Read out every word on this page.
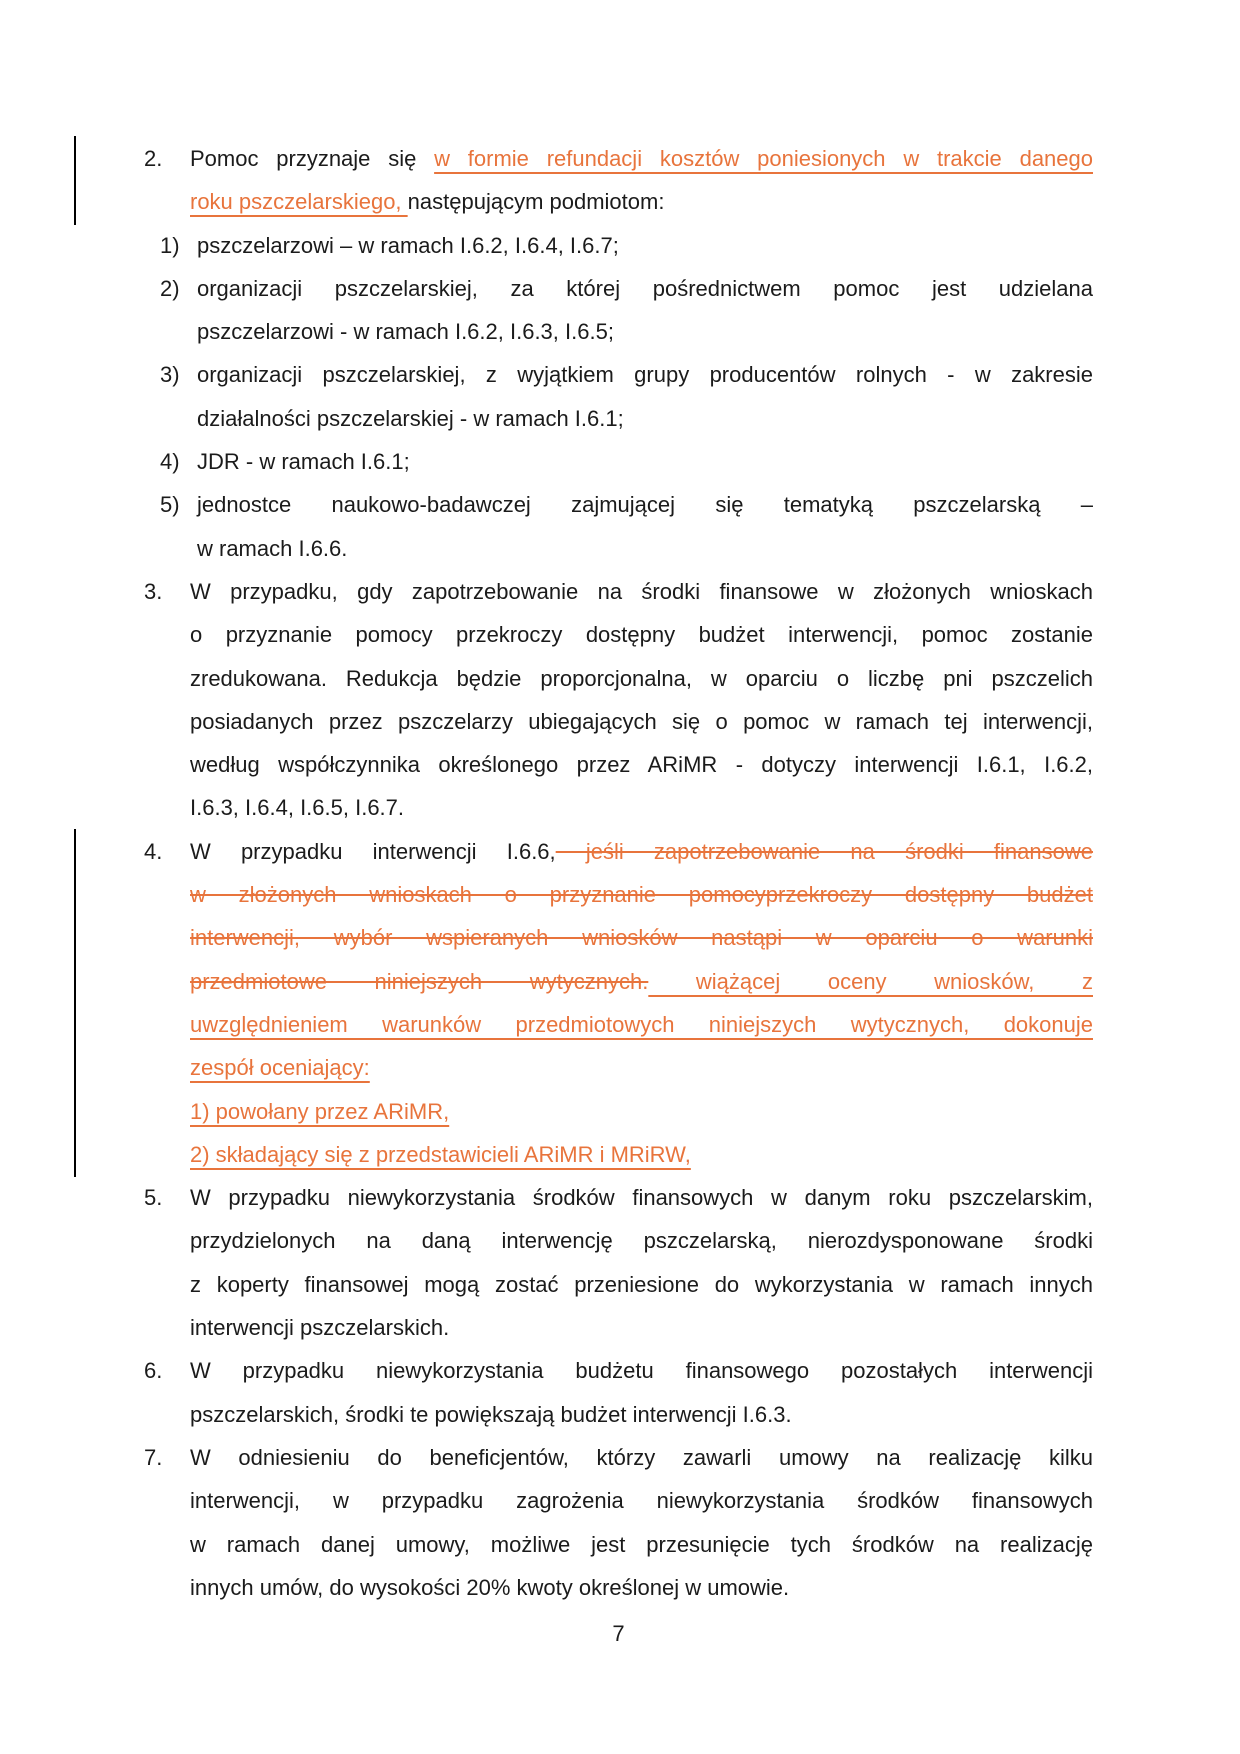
2. Pomoc przyznaje się w formie refundacji kosztów poniesionych w trakcie danego
roku pszczelarskiego, następującym podmiotom:
1) pszczelarzowi – w ramach I.6.2, I.6.4, I.6.7;
2) organizacji pszczelarskiej, za której pośrednictwem pomoc jest udzielana
pszczelarzowi - w ramach I.6.2, I.6.3, I.6.5;
3) organizacji pszczelarskiej, z wyjątkiem grupy producentów rolnych - w zakresie
działalności pszczelarskiej - w ramach I.6.1;
4) JDR - w ramach I.6.1;
5) jednostce naukowo-badawczej zajmującej się tematyką pszczelarską –
w ramach I.6.6.
3. W przypadku, gdy zapotrzebowanie na środki finansowe w złożonych wnioskach
o przyznanie pomocy przekroczy dostępny budżet interwencji, pomoc zostanie
zredukowana. Redukcja będzie proporcjonalna, w oparciu o liczbę pni pszczelich
posiadanych przez pszczelarzy ubiegających się o pomoc w ramach tej interwencji,
według współczynnika określonego przez ARiMR - dotyczy interwencji I.6.1, I.6.2,
I.6.3, I.6.4, I.6.5, I.6.7.
4. W przypadku interwencji I.6.6, jeśli zapotrzebowanie na środki finansowe
w złożonych wnioskach o przyznanie pomocyprzekroczy dostępny budżet
interwencji, wybór wspieranych wniosków nastąpi w oparciu o warunki
przedmiotowe niniejszych wytycznych. wiążącej oceny wniosków, z
uwzględnieniem warunków przedmiotowych niniejszych wytycznych, dokonuje
zespół oceniający:
1) powołany przez ARiMR,
2) składający się z przedstawicieli ARiMR i MRiRW,
5. W przypadku niewykorzystania środków finansowych w danym roku pszczelarskim,
przydzielonych na daną interwencję pszczelarską, nierozdysponowane środki
z koperty finansowej mogą zostać przeniesione do wykorzystania w ramach innych
interwencji pszczelarskich.
6. W przypadku niewykorzystania budżetu finansowego pozostałych interwencji
pszczelarskich, środki te powiększają budżet interwencji I.6.3.
7. W odniesieniu do beneficjentów, którzy zawarli umowy na realizację kilku
interwencji, w przypadku zagrożenia niewykorzystania środków finansowych
w ramach danej umowy, możliwe jest przesunięcie tych środków na realizację
innych umów, do wysokości 20% kwoty określonej w umowie.
7
